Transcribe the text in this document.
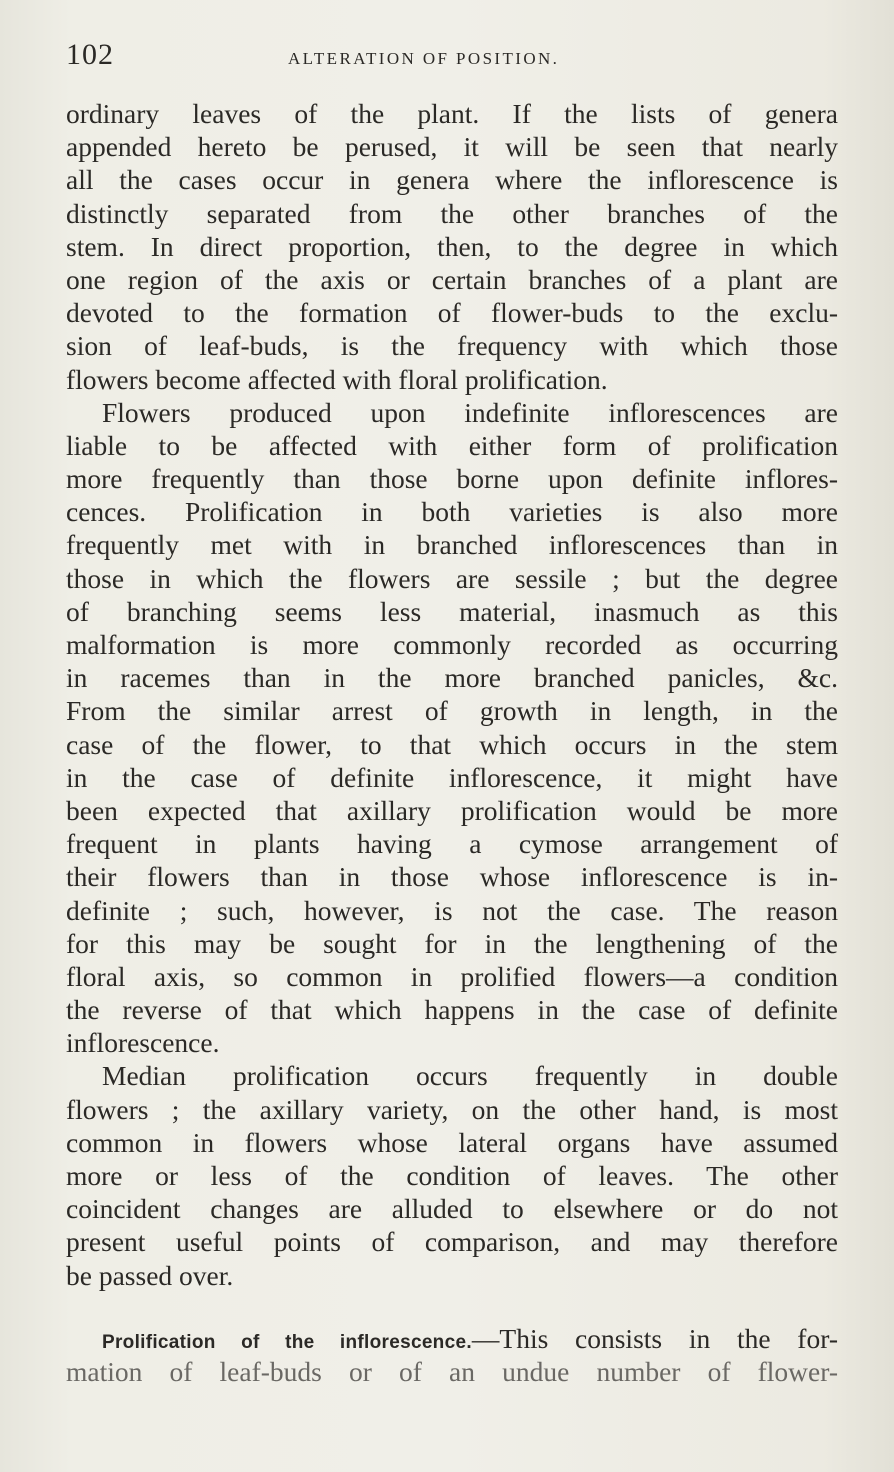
102	ALTERATION OF POSITION.
ordinary leaves of the plant. If the lists of genera
appended hereto be perused, it will be seen that nearly
all the cases occur in genera where the inflorescence is
distinctly separated from the other branches of the
stem. In direct proportion, then, to the degree in which
one region of the axis or certain branches of a plant are
devoted to the formation of flower-buds to the exclu-
sion of leaf-buds, is the frequency with which those
flowers become affected with floral prolification.
Flowers produced upon indefinite inflorescences are
liable to be affected with either form of prolification
more frequently than those borne upon definite inflores-
cences. Prolification in both varieties is also more
frequently met with in branched inflorescences than in
those in which the flowers are sessile ; but the degree
of branching seems less material, inasmuch as this
malformation is more commonly recorded as occurring
in racemes than in the more branched panicles, &c.
From the similar arrest of growth in length, in the
case of the flower, to that which occurs in the stem
in the case of definite inflorescence, it might have
been expected that axillary prolification would be more
frequent in plants having a cymose arrangement of
their flowers than in those whose inflorescence is in-
definite ; such, however, is not the case. The reason
for this may be sought for in the lengthening of the
floral axis, so common in prolified flowers—a condition
the reverse of that which happens in the case of definite
inflorescence.
Median prolification occurs frequently in double
flowers ; the axillary variety, on the other hand, is most
common in flowers whose lateral organs have assumed
more or less of the condition of leaves. The other
coincident changes are alluded to elsewhere or do not
present useful points of comparison, and may therefore
be passed over.
Prolification of the inflorescence.—This consists in the for-
mation of leaf-buds or of an undue number of flower-
